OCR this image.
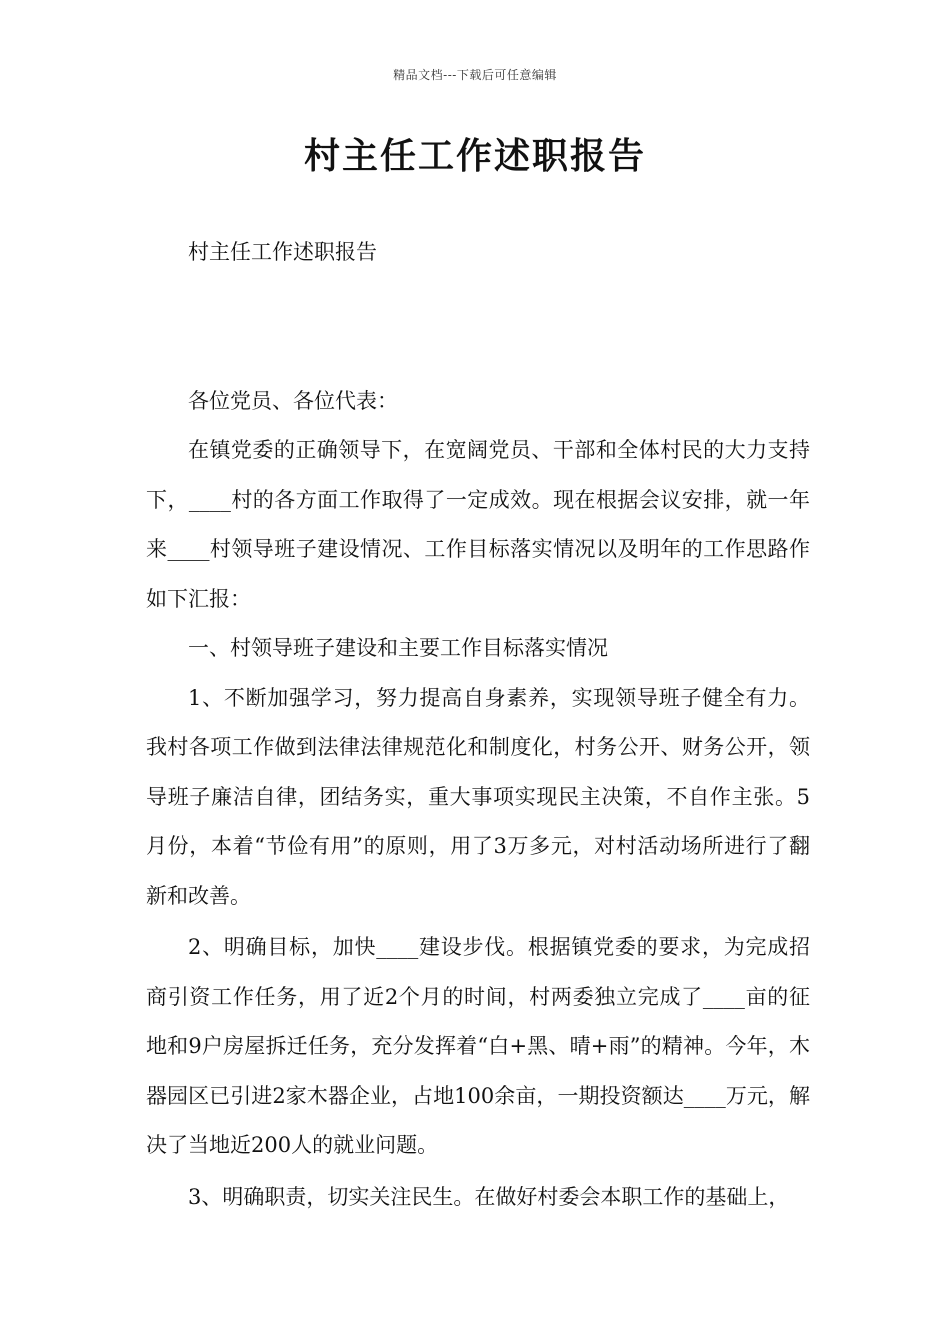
精品文档---下载后可任意编辑
村主任工作述职报告

村主任工作述职报告

各位党员、各位代表：

在镇党委的正确领导下，在宽阔党员、干部和全体村民的大力支持下，____村的各方面工作取得了一定成效。现在根据会议安排，就一年来____村领导班子建设情况、工作目标落实情况以及明年的工作思路作如下汇报：

一、村领导班子建设和主要工作目标落实情况

1、不断加强学习，努力提高自身素养，实现领导班子健全有力。我村各项工作做到法律法律规范化和制度化，村务公开、财务公开，领导班子廉洁自律，团结务实，重大事项实现民主决策，不自作主张。5月份，本着“节俭有用”的原则，用了3万多元，对村活动场所进行了翻新和改善。

2、明确目标，加快____建设步伐。根据镇党委的要求，为完成招商引资工作任务，用了近2个月的时间，村两委独立完成了____亩的征地和9户房屋拆迁任务，充分发挥着“白+黑、晴+雨”的精神。今年，木器园区已引进2家木器企业，占地100余亩，一期投资额达____万元，解决了当地近200人的就业问题。

3、明确职责，切实关注民生。在做好村委会本职工作的基础上，
